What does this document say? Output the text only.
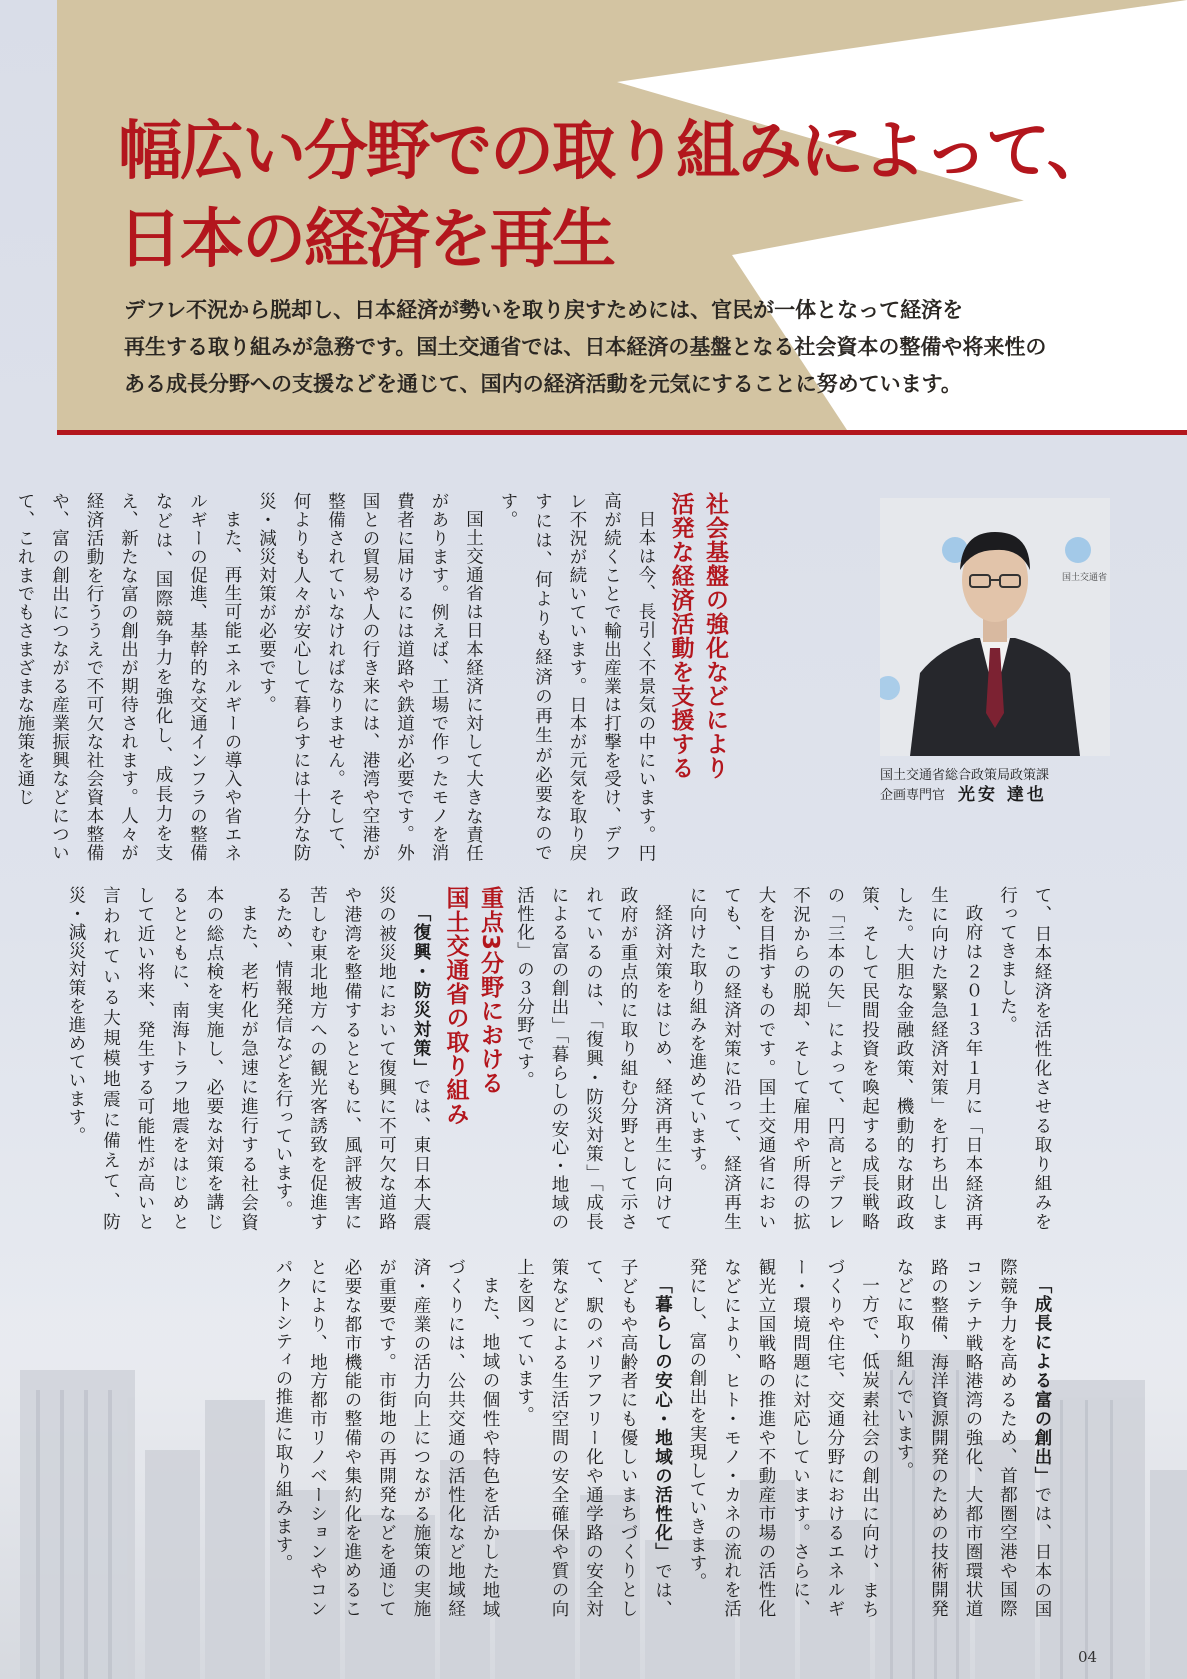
幅広い分野での取り組みによって、
日本の経済を再生
デフレ不況から脱却し、日本経済が勢いを取り戻すためには、官民が一体となって経済を
再生する取り組みが急務です。国土交通省では、日本経済の基盤となる社会資本の整備や将来性の
ある成長分野への支援などを通じて、国内の経済活動を元気にすることに努めています。
国土交通省
国土交通省総合政策局政策課
企画専門官 光安 達也
社会基盤の強化などにより
活発な経済活動を支援する

日本は今、長引く不景気の中にいます。円高が続くことで輸出産業は打撃を受け、デフレ不況が続いています。日本が元気を取り戻すには、何よりも経済の再生が必要なのです。

国土交通省は日本経済に対して大きな責任があります。例えば、工場で作ったモノを消費者に届けるには道路や鉄道が必要です。外国との貿易や人の行き来には、港湾や空港が整備されていなければなりません。そして、何よりも人々が安心して暮らすには十分な防災・減災対策が必要です。

また、再生可能エネルギーの導入や省エネルギーの促進、基幹的な交通インフラの整備などは、国際競争力を強化し、成長力を支え、新たな富の創出が期待されます。人々が経済活動を行ううえで不可欠な社会資本整備や、富の創出につながる産業振興などについて、これまでもさまざまな施策を通じ

て、日本経済を活性化させる取り組みを行ってきました。

政府は２０１３年１月に「日本経済再生に向けた緊急経済対策」を打ち出しました。大胆な金融政策、機動的な財政政策、そして民間投資を喚起する成長戦略の「三本の矢」によって、円高とデフレ不況からの脱却、そして雇用や所得の拡大を目指すものです。国土交通省においても、この経済対策に沿って、経済再生に向けた取り組みを進めています。

経済対策をはじめ、経済再生に向けて政府が重点的に取り組む分野として示されているのは、「復興・防災対策」「成長による富の創出」「暮らしの安心・地域の活性化」の３分野です。

重点3分野における
国土交通省の取り組み

「復興・防災対策」では、東日本大震災の被災地において復興に不可欠な道路や港湾を整備するとともに、風評被害に苦しむ東北地方への観光客誘致を促進するため、情報発信などを行っています。

また、老朽化が急速に進行する社会資本の総点検を実施し、必要な対策を講じるとともに、南海トラフ地震をはじめとして近い将来、発生する可能性が高いと言われている大規模地震に備えて、防災・減災対策を進めています。

「成長による富の創出」では、日本の国際競争力を高めるため、首都圏空港や国際コンテナ戦略港湾の強化、大都市圏環状道路の整備、海洋資源開発のための技術開発などに取り組んでいます。

一方で、低炭素社会の創出に向け、まちづくりや住宅、交通分野におけるエネルギー・環境問題に対応しています。さらに、観光立国戦略の推進や不動産市場の活性化などにより、ヒト・モノ・カネの流れを活発にし、富の創出を実現していきます。

「暮らしの安心・地域の活性化」では、子どもや高齢者にも優しいまちづくりとして、駅のバリアフリー化や通学路の安全対策などによる生活空間の安全確保や質の向上を図っています。

また、地域の個性や特色を活かした地域づくりには、公共交通の活性化など地域経済・産業の活力向上につながる施策の実施が重要です。市街地の再開発などを通じて必要な都市機能の整備や集約化を進めることにより、地方都市リノベーションやコンパクトシティの推進に取り組みます。

04
